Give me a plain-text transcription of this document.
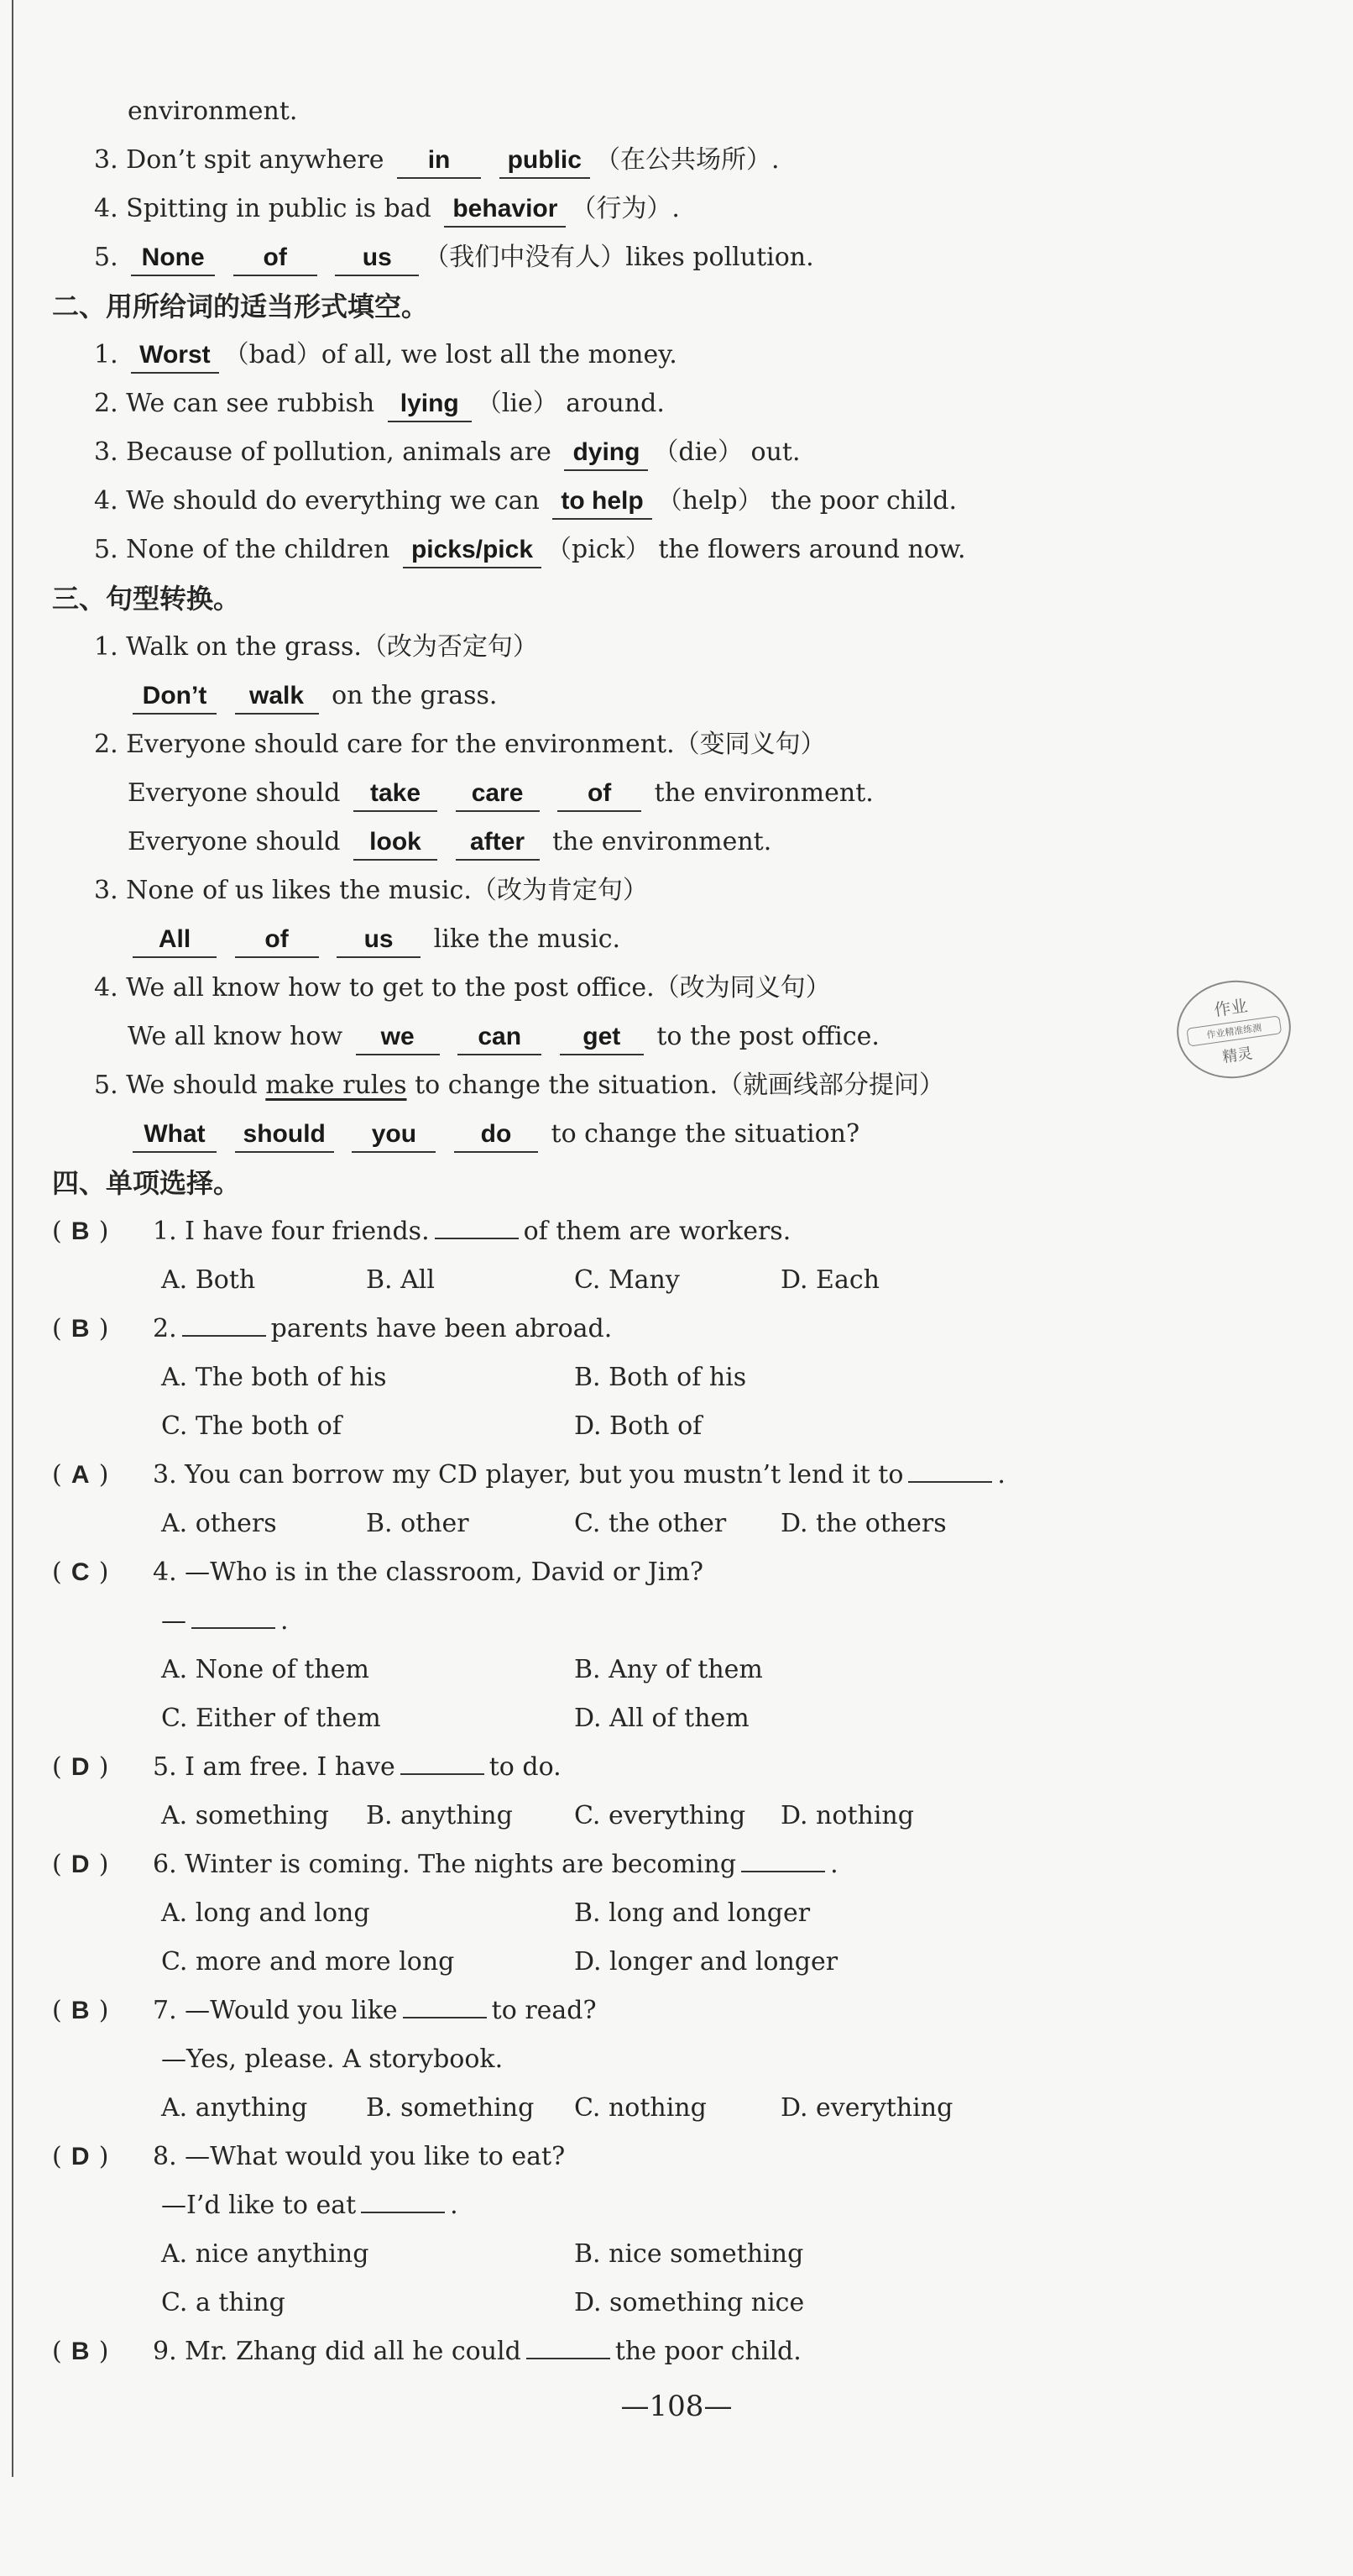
environment.
3. Don’t spit anywhere in public （在公共场所）.
4. Spitting in public is bad behavior （行为）.
5. None of	us （我们中没有人）likes pollution.
二、用所给词的适当形式填空。
1. Worst （bad）of all, we lost all the money.
2. We can see rubbish lying （lie） around.
3. Because of pollution, animals are dying （die） out.
4. We should do everything we can to help （help） the poor child.
5. None of the children picks/pick （pick） the flowers around now.
三、句型转换。
1. Walk on the grass.（改为否定句）
Don’t walk on the grass.
2. Everyone should care for the environment.（变同义句）
Everyone should take care	of the environment.
Everyone should look after the environment.
3. None of us likes the music.（改为肯定句）
All	of	us like the music.
4. We all know how to get to the post office.（改为同义句）
We all know how we	can get to the post office.
5. We should make rules to change the situation.（就画线部分提问）
What should you	do to change the situation?
四、单项选择。
( B ) 1. I have four friends.	of them are workers.
A. Both	B. All	C. Many	D. Each
( B ) 2.	parents have been abroad.
A. The both of his	B. Both of his
C. The both of	D. Both of
( A ) 3. You can borrow my CD player, but you mustn’t lend it to	.
A. others	B. other	C. the other D. the others
( C ) 4. —Who is in the classroom, David or Jim?
—	.
A. None of them	B. Any of them
C. Either of them	D. All of them
( D ) 5. I am free. I have	to do.
A. something B. anything C. everything D. nothing
( D ) 6. Winter is coming. The nights are becoming	.
A. long and long	B. long and longer
C. more and more long	D. longer and longer
( B ) 7. —Would you like	to read?
—Yes, please. A storybook.
A. anything B. something C. nothing	D. everything
( D ) 8. —What would you like to eat?
—I’d like to eat	.
A. nice anything	B. nice something
C. a thing	D. something nice
( B ) 9. Mr. Zhang did all he could	the poor child.
—108—
作业
作业精准练测
精灵
